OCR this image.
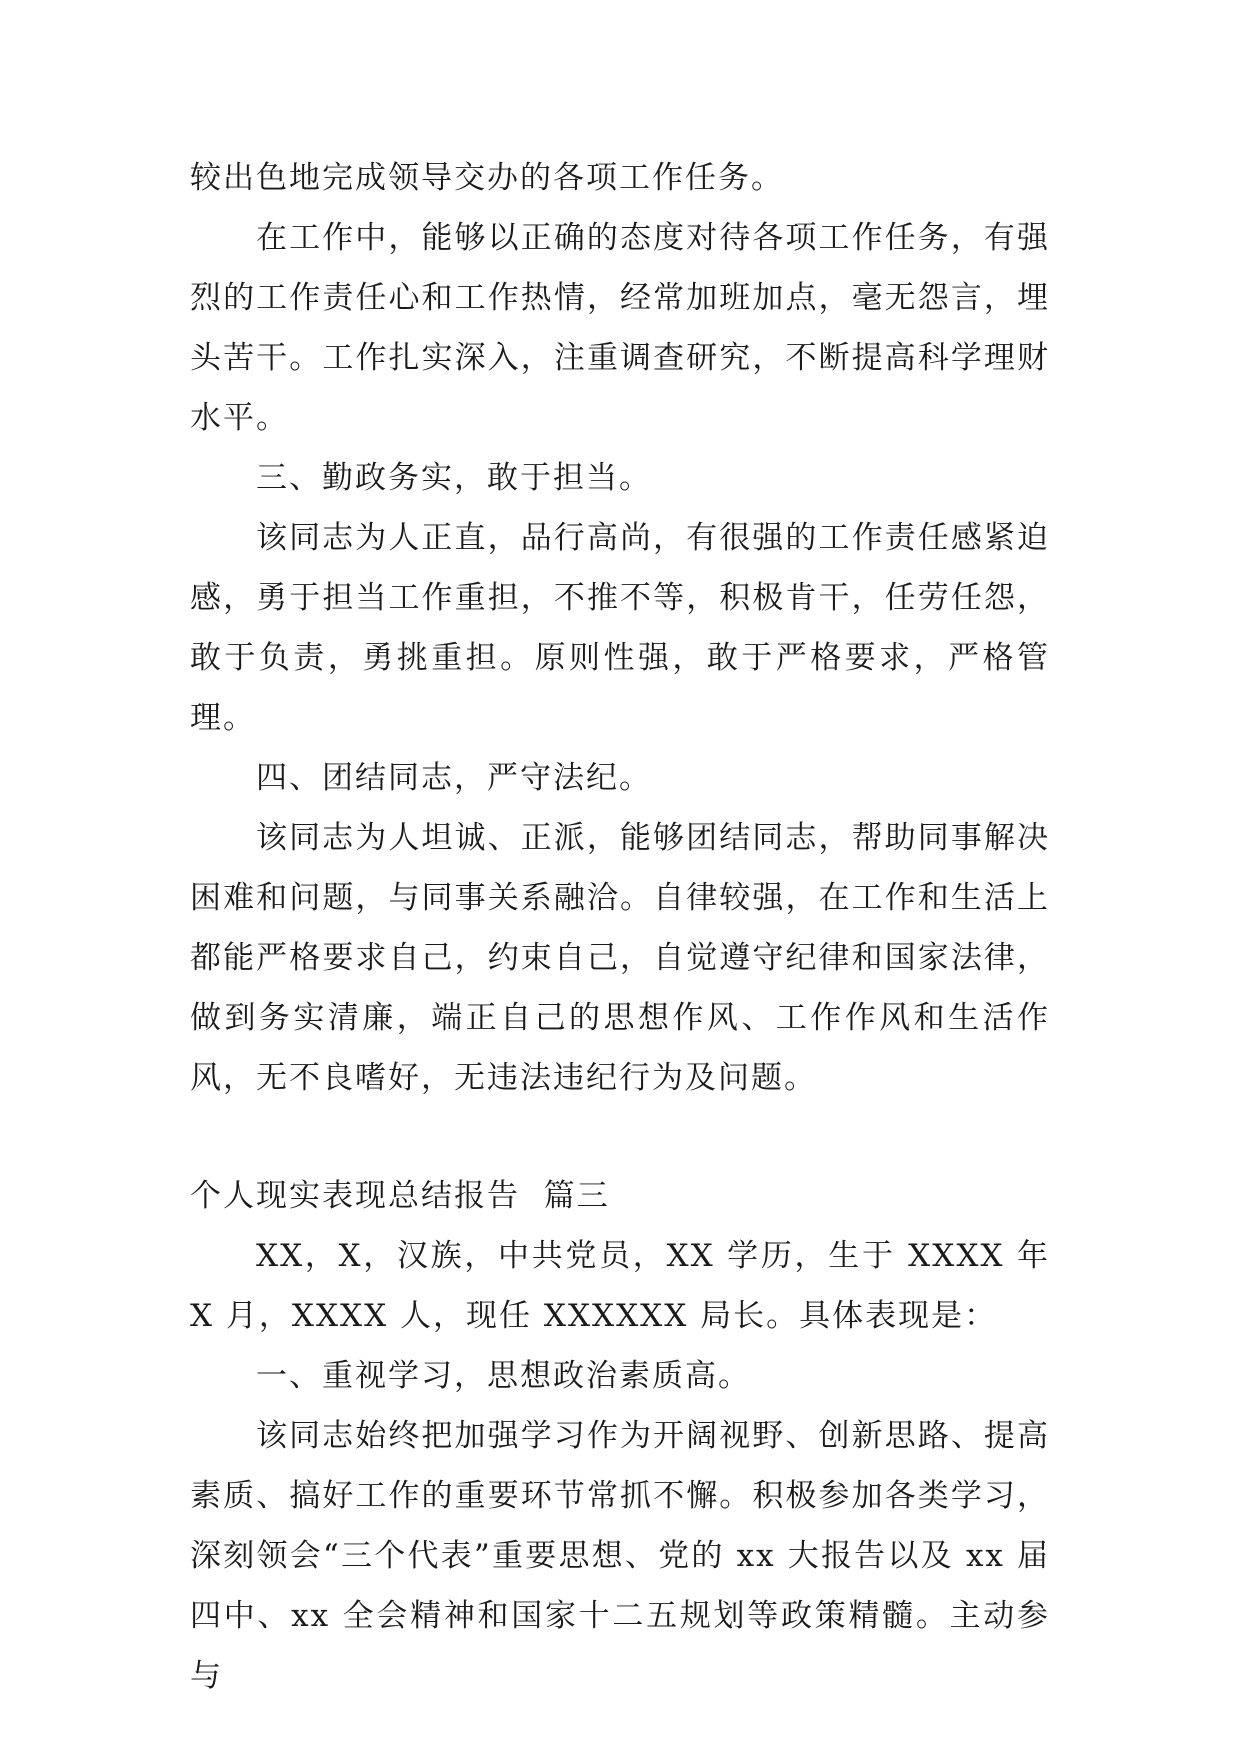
较出色地完成领导交办的各项工作任务。

在工作中，能够以正确的态度对待各项工作任务，有强烈的工作责任心和工作热情，经常加班加点，毫无怨言，埋头苦干。工作扎实深入，注重调查研究，不断提高科学理财水平。

三、勤政务实，敢于担当。

该同志为人正直，品行高尚，有很强的工作责任感紧迫感，勇于担当工作重担，不推不等，积极肯干，任劳任怨，敢于负责，勇挑重担。原则性强，敢于严格要求，严格管理。

四、团结同志，严守法纪。

该同志为人坦诚、正派，能够团结同志，帮助同事解决困难和问题，与同事关系融洽。自律较强，在工作和生活上都能严格要求自己，约束自己，自觉遵守纪律和国家法律，做到务实清廉，端正自己的思想作风、工作作风和生活作风，无不良嗜好，无违法违纪行为及问题。

个人现实表现总结报告  篇三

XX，X，汉族，中共党员，XX 学历，生于 XXXX 年 X 月，XXXX 人，现任 XXXXXX 局长。具体表现是：

一、重视学习，思想政治素质高。

该同志始终把加强学习作为开阔视野、创新思路、提高素质、搞好工作的重要环节常抓不懈。积极参加各类学习，深刻领会“三个代表”重要思想、党的 xx 大报告以及 xx 届四中、xx 全会精神和国家十二五规划等政策精髓。主动参与
